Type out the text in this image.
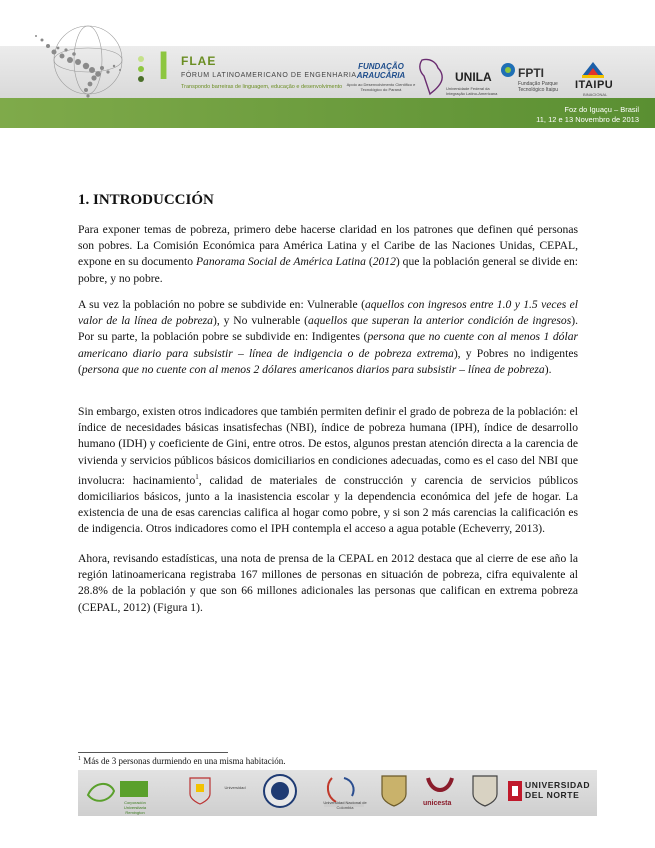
I FLAE
FÓRUM LATINOAMERICANO DE ENGENHARIA
Transpondo barreiras de linguagem, educação e desenvolvimento
FUNDAÇÃO ARAUCÁRIA
Apoio ao Desenvolvimento Científico e Tecnológico do Paraná
UNILA
Universidade Federal da Integração Latino-Americana
FPTI
Fundação Parque Tecnológico Itaipu	ITAIPU
BINACIONAL
Foz do Iguaçu – Brasil
11, 12 e 13 Novembro de 2013
1. INTRODUCCIÓN

Para exponer temas de pobreza, primero debe hacerse claridad en los patrones que definen qué personas son pobres. La Comisión Económica para América Latina y el Caribe de las Naciones Unidas, CEPAL, expone en su documento Panorama Social de América Latina (2012) que la población general se divide en: pobre, y no pobre.

A su vez la población no pobre se subdivide en: Vulnerable (aquellos con ingresos entre 1.0 y 1.5 veces el valor de la línea de pobreza), y No vulnerable (aquellos que superan la anterior condición de ingresos). Por su parte, la población pobre se subdivide en: Indigentes (persona que no cuente con al menos 1 dólar americano diario para subsistir – línea de indigencia o de pobreza extrema), y Pobres no indigentes (persona que no cuente con al menos 2 dólares americanos diarios para subsistir – línea de pobreza).

Sin embargo, existen otros indicadores que también permiten definir el grado de pobreza de la población: el índice de necesidades básicas insatisfechas (NBI), índice de pobreza humana (IPH), índice de desarrollo humano (IDH) y coeficiente de Gini, entre otros. De estos, algunos prestan atención directa a la carencia de vivienda y servicios públicos básicos domiciliarios en condiciones adecuadas, como es el caso del NBI que involucra: hacinamiento$^1$, calidad de materiales de construcción y carencia de servicios públicos domiciliarios básicos, junto a la inasistencia escolar y la dependencia económica del jefe de hogar. La existencia de una de esas carencias califica al hogar como pobre, y si son 2 más carencias la calificación es de indigencia. Otros indicadores como el IPH contempla el acceso a agua potable (Echeverry, 2013).

Ahora, revisando estadísticas, una nota de prensa de la CEPAL en 2012 destaca que al cierre de ese año la región latinoamericana registraba 167 millones de personas en situación de pobreza, cifra equivalente al 28.8% de la población y que son 66 millones adicionales las personas que califican en extrema pobreza (CEPAL, 2012) (Figura 1).

$^1$ Más de 3 personas durmiendo en una misma habitación.
Corporación Universitaria Remington
Universidad
Universidad Nacional de Colombia
unicesta
UNIVERSIDAD
DEL NORTE
